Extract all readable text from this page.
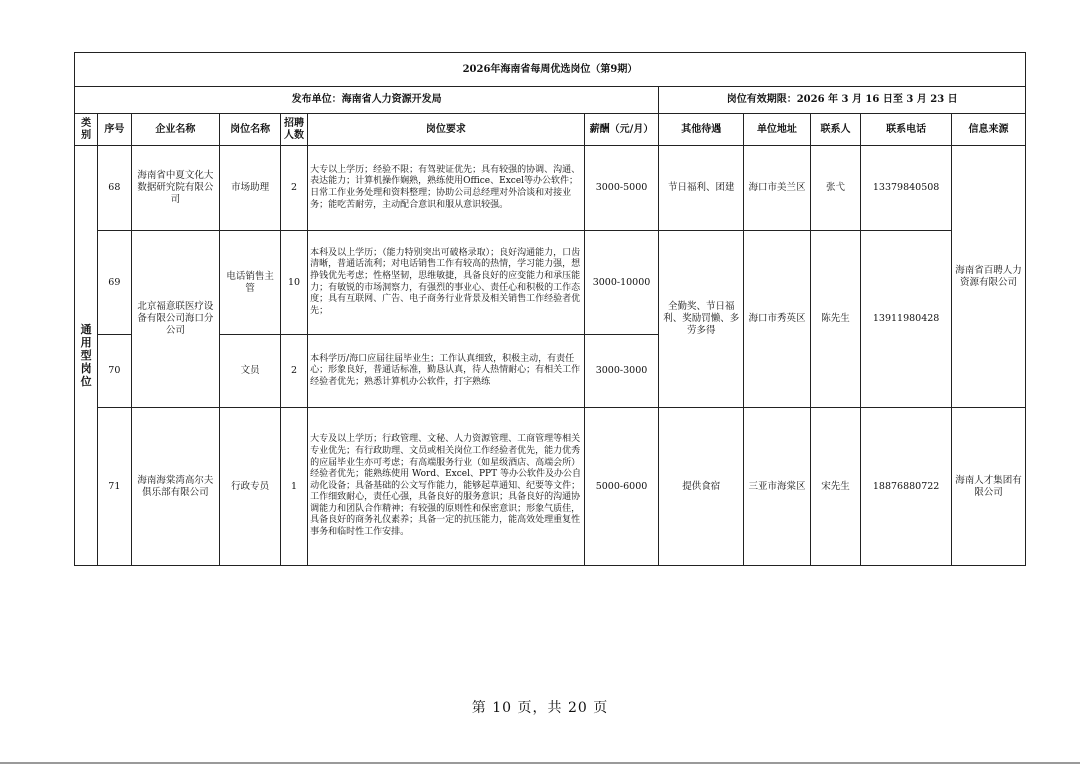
2026年海南省每周优选岗位（第9期）											
发布单位：海南省人力资源开发局							岗位有效期限：2026 年 3 月 16 日至 3 月 23 日				
类别	序号	企业名称	岗位名称	招聘人数	岗位要求	薪酬（元/月）	其他待遇	单位地址	联系人	联系电话	信息来源
通用型岗位	68	海南省中夏文化大数据研究院有限公司	市场助理	2	大专以上学历；经验不限；有驾驶证优先；具有较强的协调、沟通、表达能力；计算机操作娴熟，熟练使用Office、Excel等办公软件；日常工作业务处理和资料整理；协助公司总经理对外洽谈和对接业务；能吃苦耐劳，主动配合意识和服从意识较强。	3000-5000	节日福利、团建	海口市美兰区	张弋	13379840508	海南省百聘人力资源有限公司
	69	北京福意联医疗设备有限公司海口分公司	电话销售主管	10	本科及以上学历；（能力特别突出可破格录取）；良好沟通能力，口齿清晰，普通话流利；对电话销售工作有较高的热情，学习能力强，想挣钱优先考虑；性格坚韧，思维敏捷，具备良好的应变能力和承压能力；有敏锐的市场洞察力，有强烈的事业心、责任心和积极的工作态度；具有互联网、广告、电子商务行业背景及相关销售工作经验者优先；	3000-10000	全勤奖、节日福利、奖励罚懒、多劳多得	海口市秀英区	陈先生	13911980428	
	70		文员	2	本科学历/海口应届往届毕业生；工作认真细致，积极主动，有责任心；形象良好，普通话标准，勤恳认真，待人热情耐心；有相关工作经验者优先；熟悉计算机办公软件，打字熟练	3000-3000					
	71	海南海棠湾高尔夫俱乐部有限公司	行政专员	1	大专及以上学历；行政管理、文秘、人力资源管理、工商管理等相关专业优先；有行政助理、文员或相关岗位工作经验者优先，能力优秀的应届毕业生亦可考虑；有高端服务行业（如星级酒店、高端会所）经验者优先；能熟练使用 Word、Excel、PPT 等办公软件及办公自动化设备；具备基础的公文写作能力，能够起草通知、纪要等文件；工作细致耐心，责任心强，具备良好的服务意识；具备良好的沟通协调能力和团队合作精神；有较强的原则性和保密意识；形象气质佳，具备良好的商务礼仪素养；具备一定的抗压能力，能高效处理重复性事务和临时性工作安排。	5000-6000	提供食宿	三亚市海棠区	宋先生	18876880722	海南人才集团有限公司
第 10 页，共 20 页
